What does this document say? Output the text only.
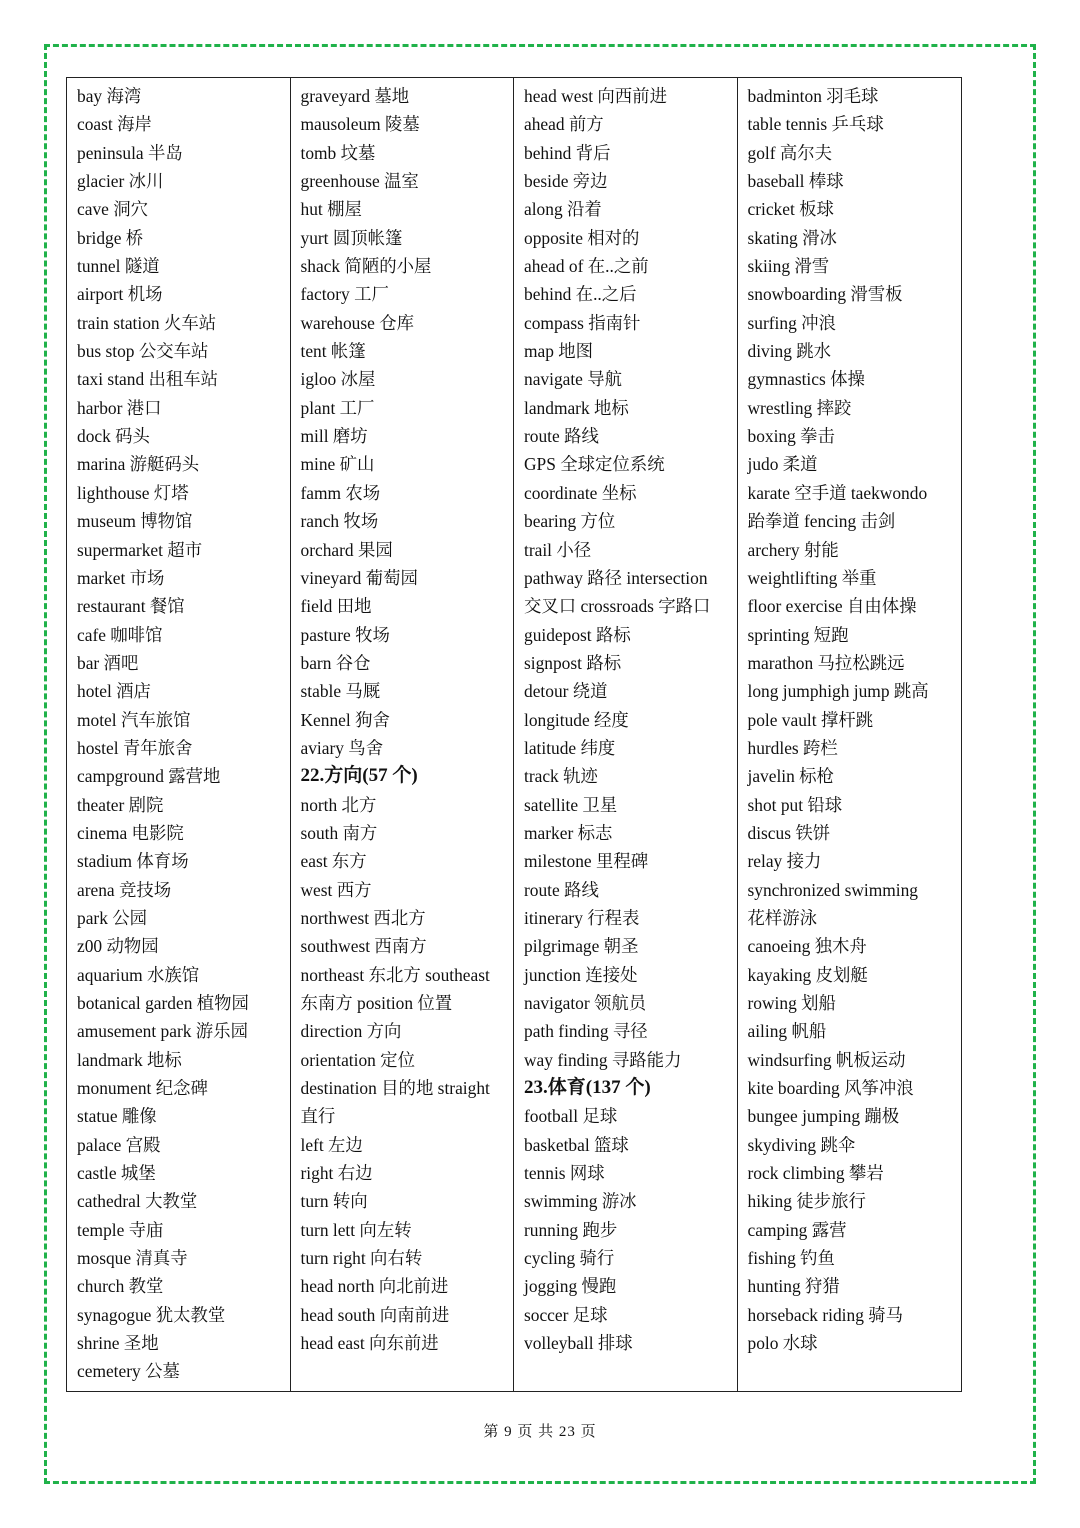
bay 海湾
coast 海岸
peninsula 半岛
glacier 冰川
cave 洞穴
bridge 桥
tunnel 隧道
airport 机场
train station 火车站
bus stop 公交车站
taxi stand 出租车站
harbor 港口
dock 码头
marina 游艇码头
lighthouse 灯塔
museum 博物馆
supermarket 超市
market 市场
restaurant 餐馆
cafe 咖啡馆
bar 酒吧
hotel 酒店
motel 汽车旅馆
hostel 青年旅舍
campground 露营地
theater 剧院
cinema 电影院
stadium 体育场
arena 竞技场
park 公园
z00 动物园
aquarium 水族馆
botanical garden 植物园
amusement park 游乐园
landmark 地标
monument 纪念碑
statue 雕像
palace 宫殿
castle 城堡
cathedral 大教堂
temple 寺庙
mosque 清真寺
church 教堂
synagogue 犹太教堂
shrine 圣地
cemetery 公墓
graveyard 墓地
mausoleum 陵墓
tomb 坟墓
greenhouse 温室
hut 棚屋
yurt 圆顶帐篷
shack 简陋的小屋
factory 工厂
warehouse 仓库
tent 帐篷
igloo 冰屋
plant 工厂
mill 磨坊
mine 矿山
famm 农场
ranch 牧场
orchard 果园
vineyard 葡萄园
field 田地
pasture 牧场
barn 谷仓
stable 马厩
Kennel 狗舍
aviary 鸟舍
22.方向(57 个)
north 北方
south 南方
east 东方
west 西方
northwest 西北方
southwest 西南方
northeast 东北方 southeast
东南方 position 位置
direction 方向
orientation 定位
destination 目的地 straight
直行
left 左边
right 右边
turn 转向
turn lett 向左转
turn right 向右转
head north 向北前进
head south 向南前进
head east 向东前进
head west 向西前进
ahead 前方
behind 背后
beside 旁边
along 沿着
opposite 相对的
ahead of 在..之前
behind 在..之后
compass 指南针
map 地图
navigate 导航
landmark 地标
route 路线
GPS 全球定位系统
coordinate 坐标
bearing 方位
trail 小径
pathway 路径 intersection
交叉口 crossroads 字路口
guidepost 路标
signpost 路标
detour 绕道
longitude 经度
latitude 纬度
track 轨迹
satellite 卫星
marker 标志
milestone 里程碑
route 路线
itinerary 行程表
pilgrimage 朝圣
junction 连接处
navigator 领航员
path finding 寻径
way finding 寻路能力
23.体育(137 个)
football 足球
basketbal 篮球
tennis 网球
swimming 游冰
running 跑步
cycling 骑行
jogging 慢跑
soccer 足球
volleyball 排球
badminton 羽毛球
table tennis 乒乓球
golf 高尔夫
baseball 棒球
cricket 板球
skating 滑冰
skiing 滑雪
snowboarding 滑雪板
surfing 冲浪
diving 跳水
gymnastics 体操
wrestling 摔跤
boxing 拳击
judo 柔道
karate 空手道 taekwondo
跆拳道 fencing 击剑
archery 射能
weightlifting 举重
floor exercise 自由体操
sprinting 短跑
marathon 马拉松跳远
long jumphigh jump 跳高
pole vault 撑杆跳
hurdles 跨栏
javelin 标枪
shot put 铅球
discus 铁饼
relay 接力
synchronized swimming
花样游泳
canoeing 独木舟
kayaking 皮划艇
rowing 划船
ailing 帆船
windsurfing 帆板运动
kite boarding 风筝冲浪
bungee jumping 蹦极
skydiving 跳伞
rock climbing 攀岩
hiking 徒步旅行
camping 露营
fishing 钓鱼
hunting 狩猎
horseback riding 骑马
polo 水球
第 9 页 共 23 页
